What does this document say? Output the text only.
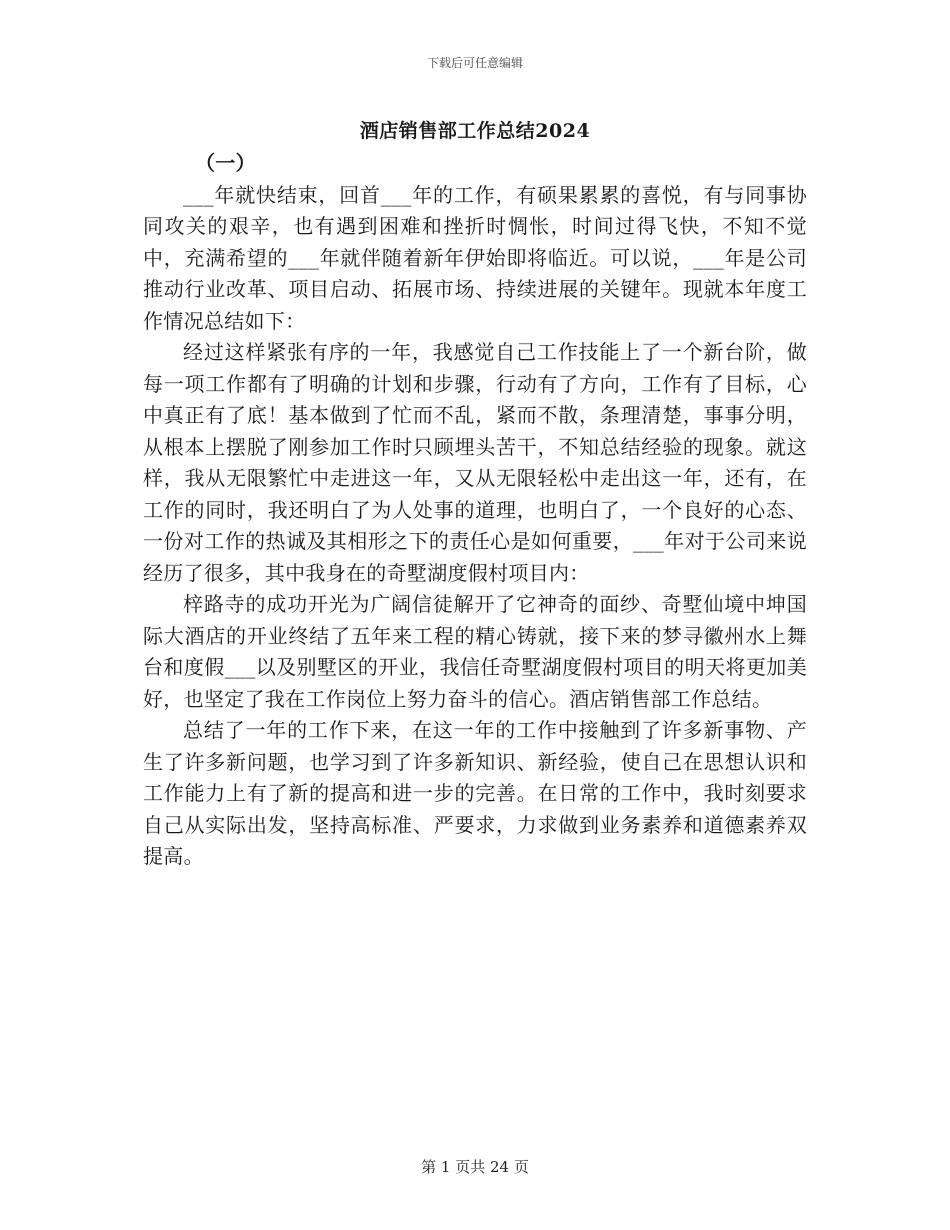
下载后可任意编辑
酒店销售部工作总结2024

（一）

___年就快结束，回首___年的工作，有硕果累累的喜悦，有与同事协同攻关的艰辛，也有遇到困难和挫折时惆怅，时间过得飞快，不知不觉中，充满希望的___年就伴随着新年伊始即将临近。可以说，___年是公司推动行业改革、项目启动、拓展市场、持续进展的关键年。现就本年度工作情况总结如下：

经过这样紧张有序的一年，我感觉自己工作技能上了一个新台阶，做每一项工作都有了明确的计划和步骤，行动有了方向，工作有了目标，心中真正有了底！基本做到了忙而不乱，紧而不散，条理清楚，事事分明，从根本上摆脱了刚参加工作时只顾埋头苦干，不知总结经验的现象。就这样，我从无限繁忙中走进这一年，又从无限轻松中走出这一年，还有，在工作的同时，我还明白了为人处事的道理，也明白了，一个良好的心态、一份对工作的热诚及其相形之下的责任心是如何重要，___年对于公司来说经历了很多，其中我身在的奇墅湖度假村项目内：

梓路寺的成功开光为广阔信徒解开了它神奇的面纱、奇墅仙境中坤国际大酒店的开业终结了五年来工程的精心铸就，接下来的梦寻徽州水上舞台和度假___以及别墅区的开业，我信任奇墅湖度假村项目的明天将更加美好，也坚定了我在工作岗位上努力奋斗的信心。酒店销售部工作总结。

总结了一年的工作下来，在这一年的工作中接触到了许多新事物、产生了许多新问题，也学习到了许多新知识、新经验，使自己在思想认识和工作能力上有了新的提高和进一步的完善。在日常的工作中，我时刻要求自己从实际出发，坚持高标准、严要求，力求做到业务素养和道德素养双提高。

第 1 页共 24 页
